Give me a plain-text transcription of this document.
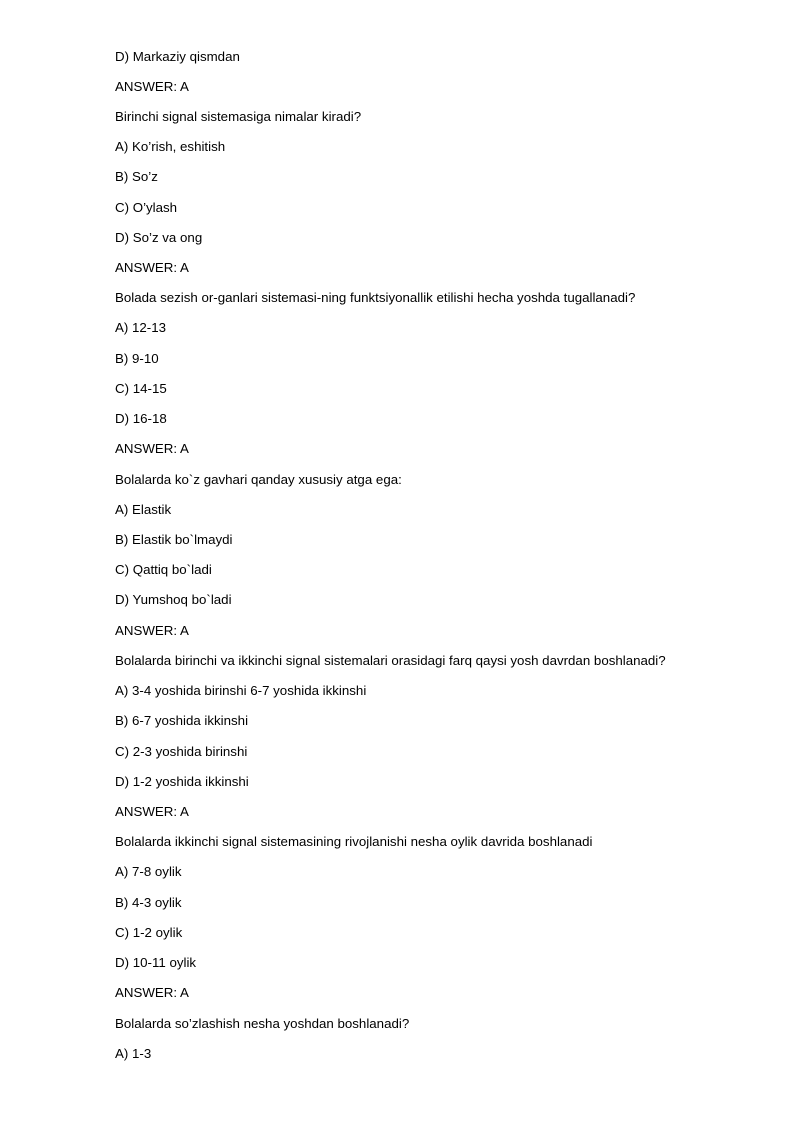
D) Markaziy qismdan
ANSWER: A
Birinchi signal sistemasiga nimalar kiradi?
A) Ko’rish, eshitish
B) So’z
C) O’ylash
D) So’z va ong
ANSWER: A
Bolada sezish or-ganlari sistemasi-ning funktsiyonallik etilishi hecha yoshda tugallanadi?
A) 12-13
B) 9-10
C) 14-15
D) 16-18
ANSWER: A
Bolalarda ko`z gavhari qanday xususiy atga ega:
A) Elastik
B) Elastik bo`lmaydi
C) Qattiq bo`ladi
D) Yumshoq bo`ladi
ANSWER: A
Bolalarda birinchi va ikkinchi signal sistemalari orasidagi farq qaysi yosh davrdan boshlanadi?
A) 3-4 yoshida birinshi 6-7 yoshida ikkinshi
B) 6-7 yoshida ikkinshi
C) 2-3 yoshida birinshi
D) 1-2 yoshida ikkinshi
ANSWER: A
Bolalarda ikkinchi signal sistemasining rivojlanishi nesha oylik davrida boshlanadi
A) 7-8 oylik
B) 4-3 oylik
C) 1-2 oylik
D) 10-11 oylik
ANSWER: A
Bolalarda so’zlashish nesha yoshdan boshlanadi?
A) 1-3
